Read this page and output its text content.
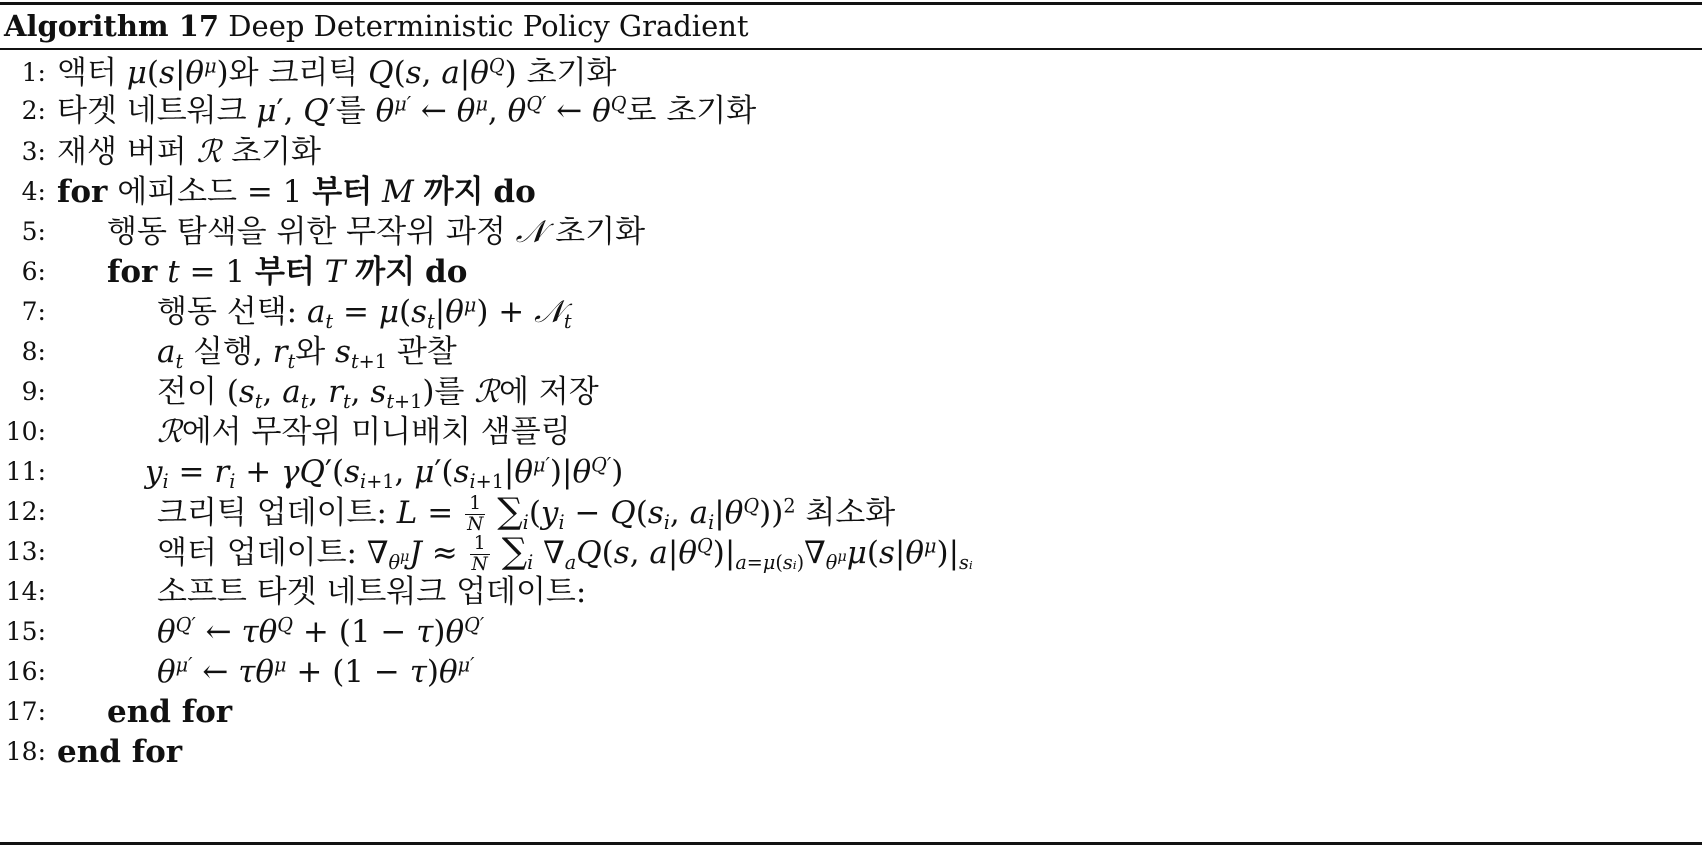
Algorithm 17 Deep Deterministic Policy Gradient
1: 액터 $\mu(s|\theta^\mu)$와 크리틱 Q(s, $a|\theta^Q$) 초기화
2: 타겟 네트워크 μ′, Q′를 $\theta^{\mu'}$ ← $\theta^\mu$, $\theta^{Q'}$ ← $\theta^Q$로 초기화
3: 재생 버퍼 ℛ 초기화
4: for 에피소드 = 1 부터 M 까지 do
5: 행동 탐색을 위한 무작위 과정 𝒩 초기화
6: for t = 1 부터 T 까지 do
7:	행동 선택: $a_t = \mu(s_t|\theta^\mu)$ + 𝒩$_t$
8:	$a_t$ 실행, $r_t$와 $s_{t+1}$ 관찰
9:	전이 ($s_t$, $a_t$, $r_t$, $s_{t+1}$)를 ℛ에 저장
10:	ℛ에서 무작위 미니배치 샘플링
11:	$y_i = r_i + \gamma Q'(s_{i+1}$, $\mu'(s_{i+1}|\theta^{\mu'})|\theta^{Q'}$)
12:	크리틱 업데이트: $L = \frac{1}{N} \sum_i(y_i - Q(s_i$, $a_i|\theta^Q))^2$ 최소화
13:	액터 업데이트: $\nabla_{\theta^\mu}J \approx \frac{1}{N} \sum_i$ $\nabla_aQ(s$, $a|\theta^Q)|_{a=\mu(sᵢ)}\nabla_{\theta^\mu}\mu(s|\theta^\mu)|_{sᵢ}$
14:	소프트 타겟 네트워크 업데이트:
15:	$\theta^{Q'}$ ← $\tau\theta^Q + (1 - \tau)\theta^{Q'}$
16:	$\theta^{\mu'}$ ← $\tau\theta^\mu + (1 - \tau)\theta^{\mu'}$
17: end for
18: end for
